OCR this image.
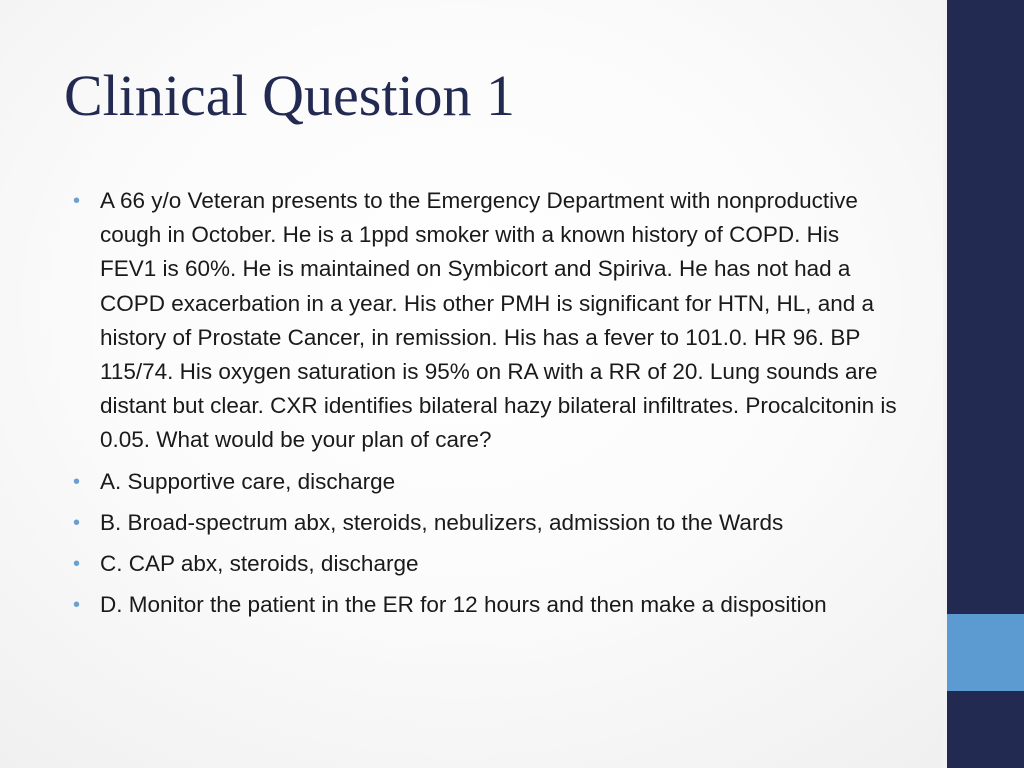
Clinical Question 1
• A 66 y/o Veteran presents to the Emergency Department with nonproductive cough in October. He is a 1ppd smoker with a known history of COPD. His FEV1 is 60%. He is maintained on Symbicort and Spiriva. He has not had a COPD exacerbation in a year. His other PMH is significant for HTN, HL, and a history of Prostate Cancer, in remission. His has a fever to 101.0. HR 96. BP 115/74. His oxygen saturation is 95% on RA with a RR of 20. Lung sounds are distant but clear. CXR identifies bilateral hazy bilateral infiltrates. Procalcitonin is 0.05. What would be your plan of care?
• A. Supportive care, discharge
• B. Broad-spectrum abx, steroids, nebulizers, admission to the Wards
• C. CAP abx, steroids, discharge
• D. Monitor the patient in the ER for 12 hours and then make a disposition
